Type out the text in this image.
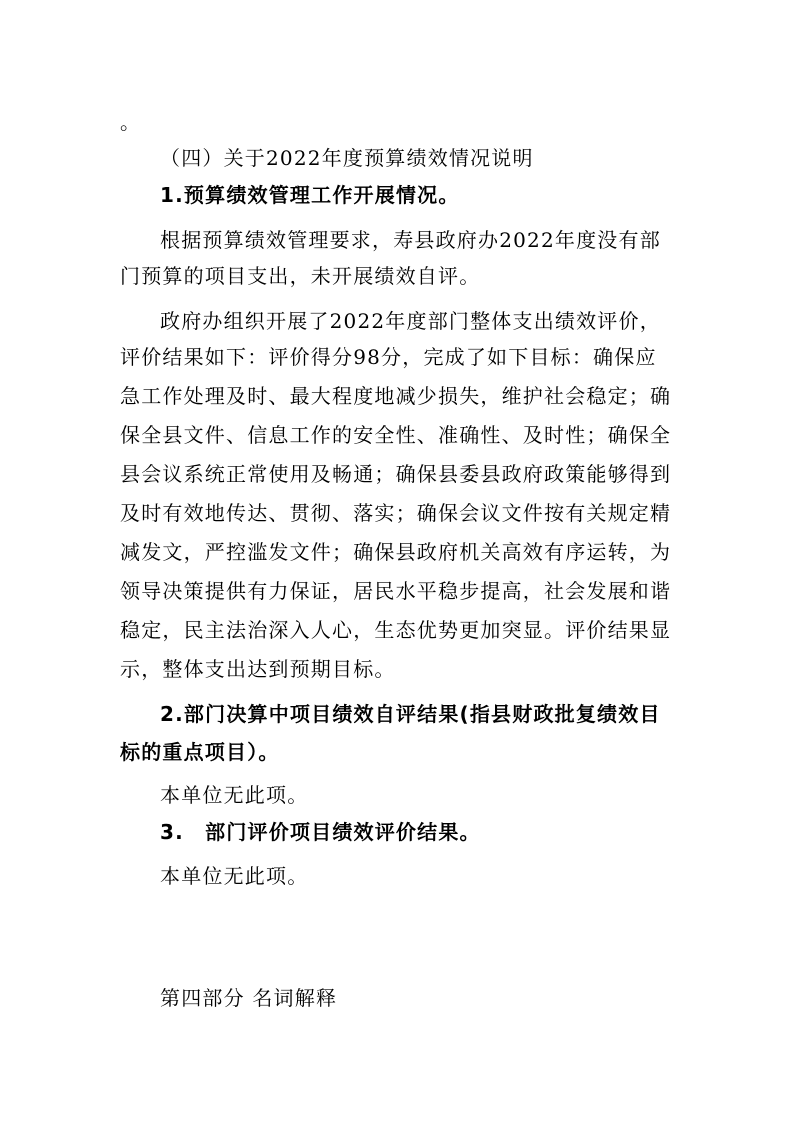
。
（四）关于2022年度预算绩效情况说明
1.预算绩效管理工作开展情况。
根据预算绩效管理要求，寿县政府办2022年度没有部
门预算的项目支出，未开展绩效自评。
政府办组织开展了2022年度部门整体支出绩效评价，
评价结果如下：评价得分98分，完成了如下目标：确保应
急工作处理及时、最大程度地减少损失，维护社会稳定；确
保全县文件、信息工作的安全性、准确性、及时性；确保全
县会议系统正常使用及畅通；确保县委县政府政策能够得到
及时有效地传达、贯彻、落实；确保会议文件按有关规定精
减发文，严控滥发文件；确保县政府机关高效有序运转，为
领导决策提供有力保证，居民水平稳步提高，社会发展和谐
稳定，民主法治深入人心，生态优势更加突显。评价结果显
示，整体支出达到预期目标。
2.部门决算中项目绩效自评结果(指县财政批复绩效目
标的重点项目）。
本单位无此项。
3.　部门评价项目绩效评价结果。
本单位无此项。
第四部分 名词解释
